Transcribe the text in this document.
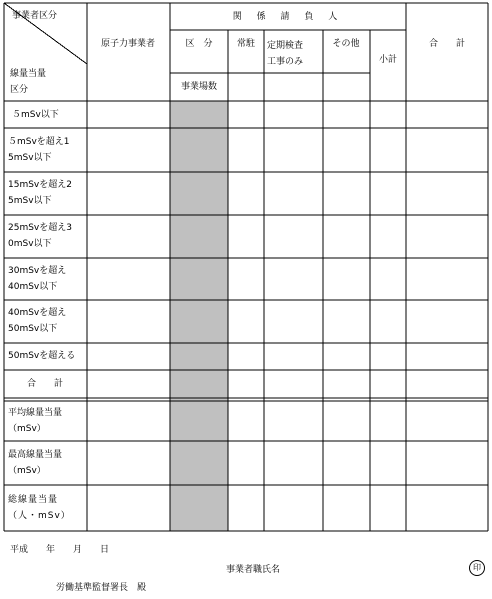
事業者区分
線量当量
区分
原子力事業者
関 係 請 負 人
区　分
事業場数
常駐 定期検査
工事のみ
その他
小計
合　　計
５mSv以下
５mSvを超え1
5mSv以下
15mSvを超え2
5mSv以下
25mSvを超え3
0mSv以下
30mSvを超え
40mSv以下
40mSvを超え
50mSv以下
50mSvを超える
合　　計
平均線量当量
（mSv）
最高線量当量
（mSv）
総線量当量
（人・mSv）
平成　　年　　月　　日
事業者職氏名	印
労働基準監督署長　殿
